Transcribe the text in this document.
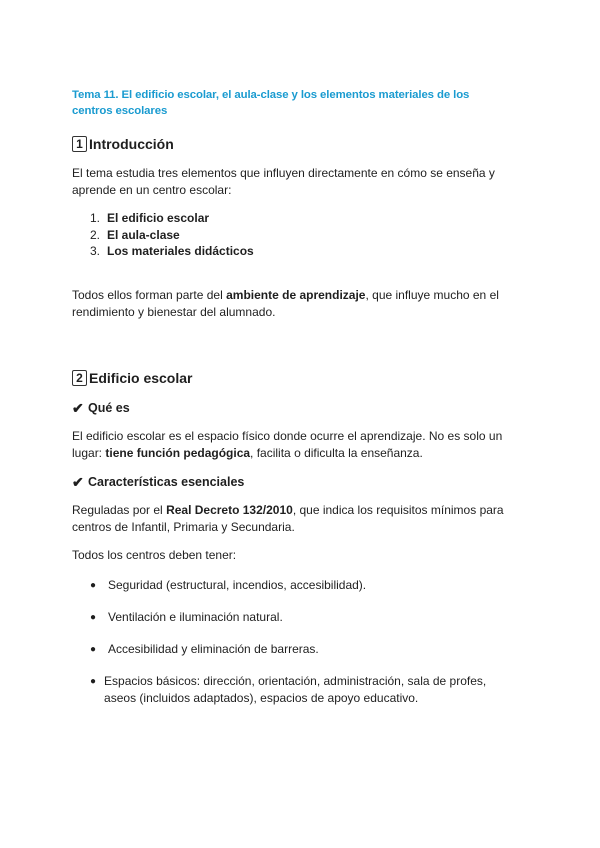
Tema 11. El edificio escolar, el aula-clase y los elementos materiales de los centros escolares

1 Introducción

El tema estudia tres elementos que influyen directamente en cómo se enseña y aprende en un centro escolar:

1. El edificio escolar
2. El aula-clase
3. Los materiales didácticos

Todos ellos forman parte del ambiente de aprendizaje, que influye mucho en el rendimiento y bienestar del alumnado.

2 Edificio escolar
✔ Qué es

El edificio escolar es el espacio físico donde ocurre el aprendizaje. No es solo un lugar: tiene función pedagógica, facilita o dificulta la enseñanza.

✔ Características esenciales

Reguladas por el Real Decreto 132/2010, que indica los requisitos mínimos para centros de Infantil, Primaria y Secundaria.

Todos los centros deben tener:

● Seguridad (estructural, incendios, accesibilidad).
● Ventilación e iluminación natural.
● Accesibilidad y eliminación de barreras.
● Espacios básicos: dirección, orientación, administración, sala de profes, aseos (incluidos adaptados), espacios de apoyo educativo.
